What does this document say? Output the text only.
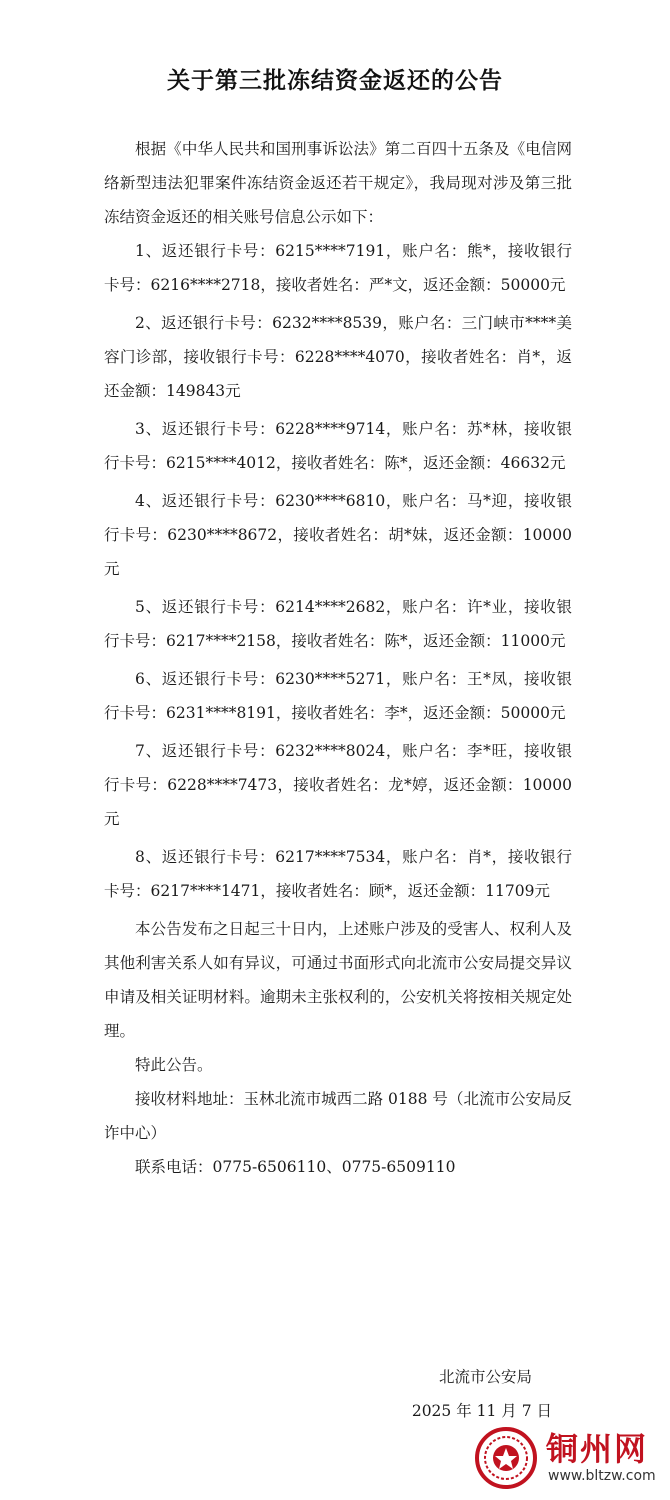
关于第三批冻结资金返还的公告

根据《中华人民共和国刑事诉讼法》第二百四十五条及《电信网络新型违法犯罪案件冻结资金返还若干规定》，我局现对涉及第三批冻结资金返还的相关账号信息公示如下：

1、返还银行卡号：6215****7191，账户名：熊*，接收银行卡号：6216****2718，接收者姓名：严*文，返还金额：50000元

2、返还银行卡号：6232****8539，账户名：三门峡市****美容门诊部，接收银行卡号：6228****4070，接收者姓名：肖*，返还金额：149843元

3、返还银行卡号：6228****9714，账户名：苏*林，接收银行卡号：6215****4012，接收者姓名：陈*，返还金额：46632元

4、返还银行卡号：6230****6810，账户名：马*迎，接收银行卡号：6230****8672，接收者姓名：胡*妹，返还金额：10000元

5、返还银行卡号：6214****2682，账户名：许*业，接收银行卡号：6217****2158，接收者姓名：陈*，返还金额：11000元

6、返还银行卡号：6230****5271，账户名：王*凤，接收银行卡号：6231****8191，接收者姓名：李*，返还金额：50000元

7、返还银行卡号：6232****8024，账户名：李*旺，接收银行卡号：6228****7473，接收者姓名：龙*婷，返还金额：10000元

8、返还银行卡号：6217****7534，账户名：肖*，接收银行卡号：6217****1471，接收者姓名：顾*，返还金额：11709元

本公告发布之日起三十日内，上述账户涉及的受害人、权利人及其他利害关系人如有异议，可通过书面形式向北流市公安局提交异议申请及相关证明材料。逾期未主张权利的，公安机关将按相关规定处理。

特此公告。

接收材料地址：玉林北流市城西二路 0188 号（北流市公安局反诈中心）

联系电话：0775-6506110、0775-6509110

北流市公安局
2025 年 11 月 7 日
铜州网
www.bltzw.com
